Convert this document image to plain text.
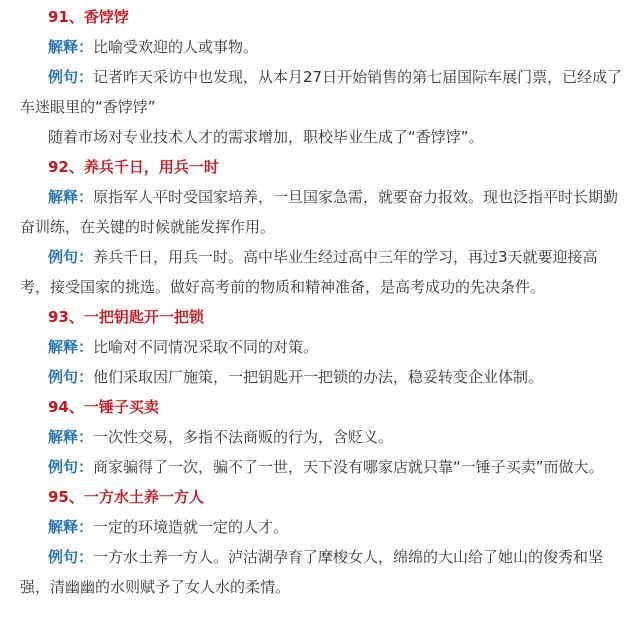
91、香饽饽

解释：比喻受欢迎的人或事物。

例句：记者昨天采访中也发现，从本月27日开始销售的第七届国际车展门票，已经成了车迷眼里的“香饽饽”

随着市场对专业技术人才的需求增加，职校毕业生成了“香饽饽”。

92、养兵千日，用兵一时

解释：原指军人平时受国家培养，一旦国家急需，就要奋力报效。现也泛指平时长期勤奋训练，在关键的时候就能发挥作用。

例句：养兵千日，用兵一时。高中毕业生经过高中三年的学习，再过3天就要迎接高考，接受国家的挑选。做好高考前的物质和精神准备，是高考成功的先决条件。

93、一把钥匙开一把锁

解释：比喻对不同情况采取不同的对策。

例句：他们采取因厂施策，一把钥匙开一把锁的办法，稳妥转变企业体制。

94、一锤子买卖

解释：一次性交易，多指不法商贩的行为，含贬义。

例句：商家骗得了一次，骗不了一世，天下没有哪家店就只靠“一锤子买卖”而做大。

95、一方水土养一方人

解释：一定的环境造就一定的人才。

例句：一方水土养一方人。泸沽湖孕育了摩梭女人，绵绵的大山给了她山的俊秀和坚强，清幽幽的水则赋予了女人水的柔情。
